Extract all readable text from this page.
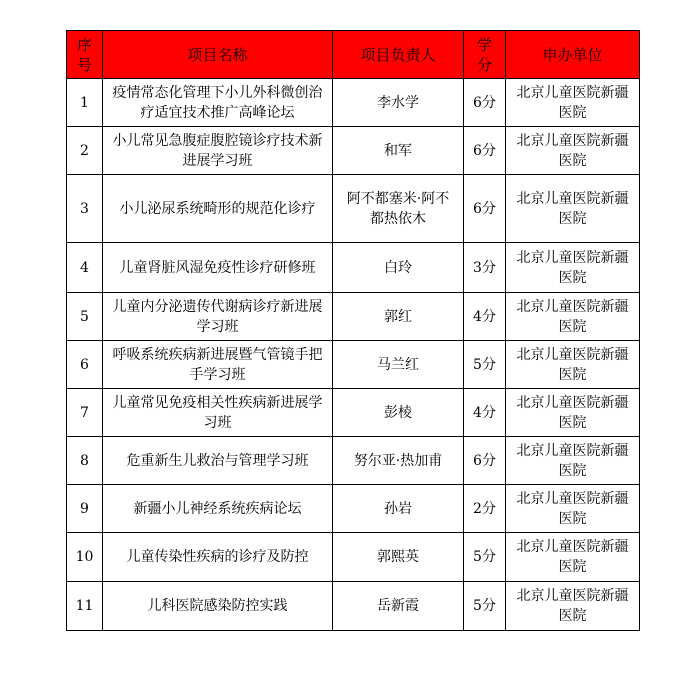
序号	项目名称	项目负责人	学分	申办单位
1	疫情常态化管理下小儿外科微创治疗适宜技术推广高峰论坛	李水学	6分	北京儿童医院新疆医院
2	小儿常见急腹症腹腔镜诊疗技术新进展学习班	和军	6分	北京儿童医院新疆医院
3	小儿泌尿系统畸形的规范化诊疗	阿不都塞米·阿不都热依木	6分	北京儿童医院新疆医院
4	儿童肾脏风湿免疫性诊疗研修班	白玲	3分	北京儿童医院新疆医院
5	儿童内分泌遗传代谢病诊疗新进展学习班	郭红	4分	北京儿童医院新疆医院
6	呼吸系统疾病新进展暨气管镜手把手学习班	马兰红	5分	北京儿童医院新疆医院
7	儿童常见免疫相关性疾病新进展学习班	彭棱	4分	北京儿童医院新疆医院
8	危重新生儿救治与管理学习班	努尔亚·热加甫	6分	北京儿童医院新疆医院
9	新疆小儿神经系统疾病论坛	孙岩	2分	北京儿童医院新疆医院
10	儿童传染性疾病的诊疗及防控	郭熙英	5分	北京儿童医院新疆医院
11	儿科医院感染防控实践	岳新霞	5分	北京儿童医院新疆医院
